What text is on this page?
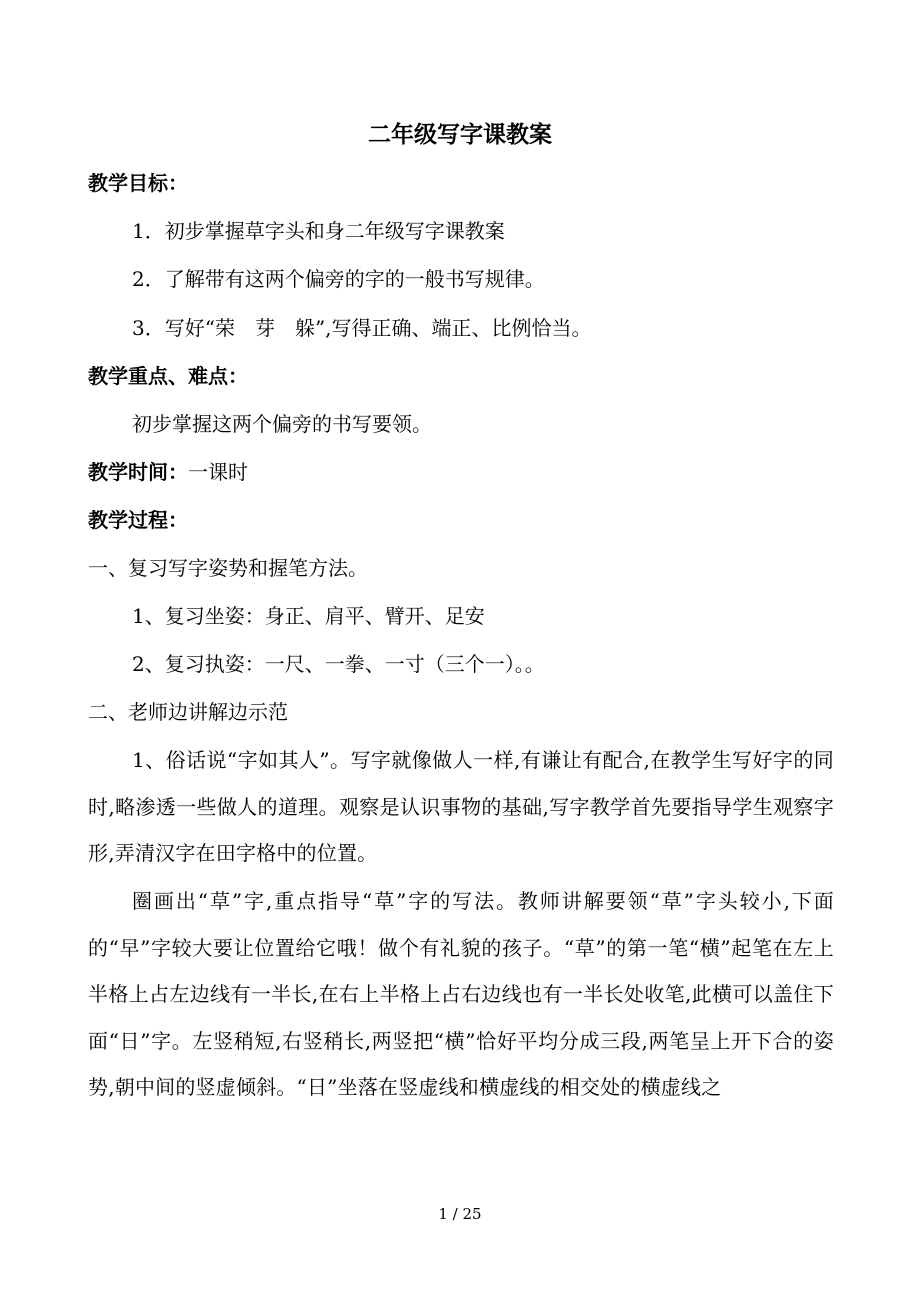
二年级写字课教案
教学目标：
1．初步掌握草字头和身二年级写字课教案
2．了解带有这两个偏旁的字的一般书写规律。
3．写好“荣　芽　躲”,写得正确、端正、比例恰当。
教学重点、难点：
初步掌握这两个偏旁的书写要领。
教学时间：一课时
教学过程：
一、复习写字姿势和握笔方法。
1、复习坐姿：身正、肩平、臂开、足安
2、复习执姿：一尺、一拳、一寸（三个一）。。
二、老师边讲解边示范
1、俗话说“字如其人”。写字就像做人一样,有谦让有配合,在教学生写好字的同时,略渗透一些做人的道理。观察是认识事物的基础,写字教学首先要指导学生观察字形,弄清汉字在田字格中的位置。
圈画出“草”字,重点指导“草”字的写法。教师讲解要领“草”字头较小,下面的“早”字较大要让位置给它哦！做个有礼貌的孩子。“草”的第一笔“横”起笔在左上半格上占左边线有一半长,在右上半格上占右边线也有一半长处收笔,此横可以盖住下面“日”字。左竖稍短,右竖稍长,两竖把“横”恰好平均分成三段,两笔呈上开下合的姿势,朝中间的竖虚倾斜。“日”坐落在竖虚线和横虚线的相交处的横虚线之
1 / 25
